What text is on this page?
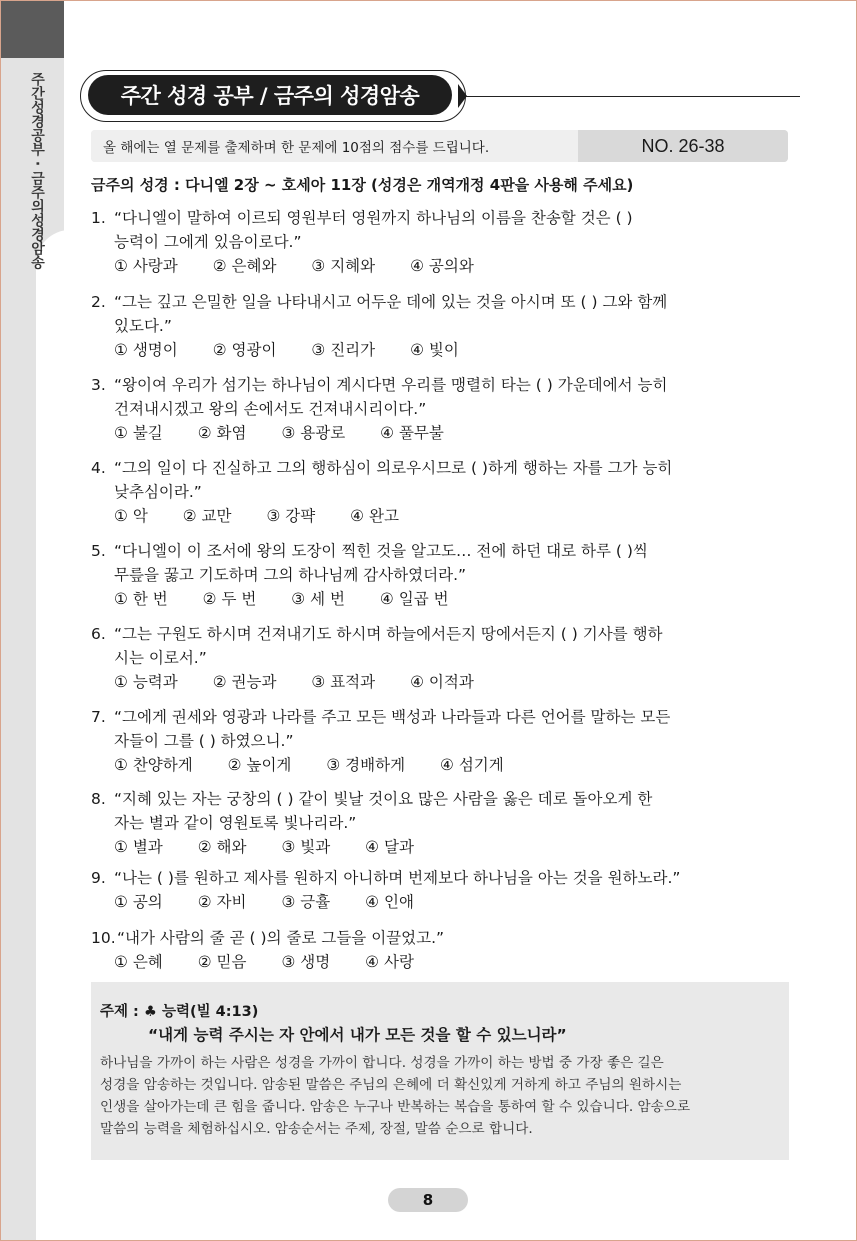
주간성경공부 · 금주의성경암송	주간 성경 공부 / 금주의 성경암송
올 해에는 열 문제를 출제하며 한 문제에 10점의 점수를 드립니다.	NO. 26-38
금주의 성경 : 다니엘 2장 ~ 호세아 11장 (성경은 개역개정 4판을 사용해 주세요)
1. “다니엘이 말하여 이르되 영원부터 영원까지 하나님의 이름을 찬송할 것은 ( )
능력이 그에게 있음이로다.”
① 사랑과 ② 은혜와 ③ 지혜와 ④ 공의와
2. “그는 깊고 은밀한 일을 나타내시고 어두운 데에 있는 것을 아시며 또 ( ) 그와 함께
있도다.”
① 생명이 ② 영광이 ③ 진리가 ④ 빛이
3. “왕이여 우리가 섬기는 하나님이 계시다면 우리를 맹렬히 타는 ( ) 가운데에서 능히
건져내시겠고 왕의 손에서도 건져내시리이다.”
① 불길 ② 화염 ③ 용광로 ④ 풀무불
4. “그의 일이 다 진실하고 그의 행하심이 의로우시므로 ( )하게 행하는 자를 그가 능히
낮추심이라.”
① 악 ② 교만 ③ 강퍅 ④ 완고
5. “다니엘이 이 조서에 왕의 도장이 찍힌 것을 알고도… 전에 하던 대로 하루 ( )씩
무릎을 꿇고 기도하며 그의 하나님께 감사하였더라.”
① 한 번 ② 두 번 ③ 세 번 ④ 일곱 번
6. “그는 구원도 하시며 건져내기도 하시며 하늘에서든지 땅에서든지 ( ) 기사를 행하
시는 이로서.”
① 능력과 ② 권능과 ③ 표적과 ④ 이적과
7. “그에게 권세와 영광과 나라를 주고 모든 백성과 나라들과 다른 언어를 말하는 모든
자들이 그를 ( ) 하였으니.”
① 찬양하게 ② 높이게 ③ 경배하게 ④ 섬기게
8. “지혜 있는 자는 궁창의 ( ) 같이 빛날 것이요 많은 사람을 옳은 데로 돌아오게 한
자는 별과 같이 영원토록 빛나리라.”
① 별과 ② 해와 ③ 빛과 ④ 달과
9. “나는 ( )를 원하고 제사를 원하지 아니하며 번제보다 하나님을 아는 것을 원하노라.”
① 공의 ② 자비 ③ 긍휼 ④ 인애
10. “내가 사람의 줄 곧 ( )의 줄로 그들을 이끌었고.”
① 은혜 ② 믿음 ③ 생명 ④ 사랑
주제 : ♣ 능력(빌 4:13)
“내게 능력 주시는 자 안에서 내가 모든 것을 할 수 있느니라”
하나님을 가까이 하는 사람은 성경을 가까이 합니다. 성경을 가까이 하는 방법 중 가장 좋은 길은
성경을 암송하는 것입니다. 암송된 말씀은 주님의 은혜에 더 확신있게 거하게 하고 주님의 원하시는
인생을 살아가는데 큰 힘을 줍니다. 암송은 누구나 반복하는 복습을 통하여 할 수 있습니다. 암송으로
말씀의 능력을 체험하십시오. 암송순서는 주제, 장절, 말씀 순으로 합니다.
8
